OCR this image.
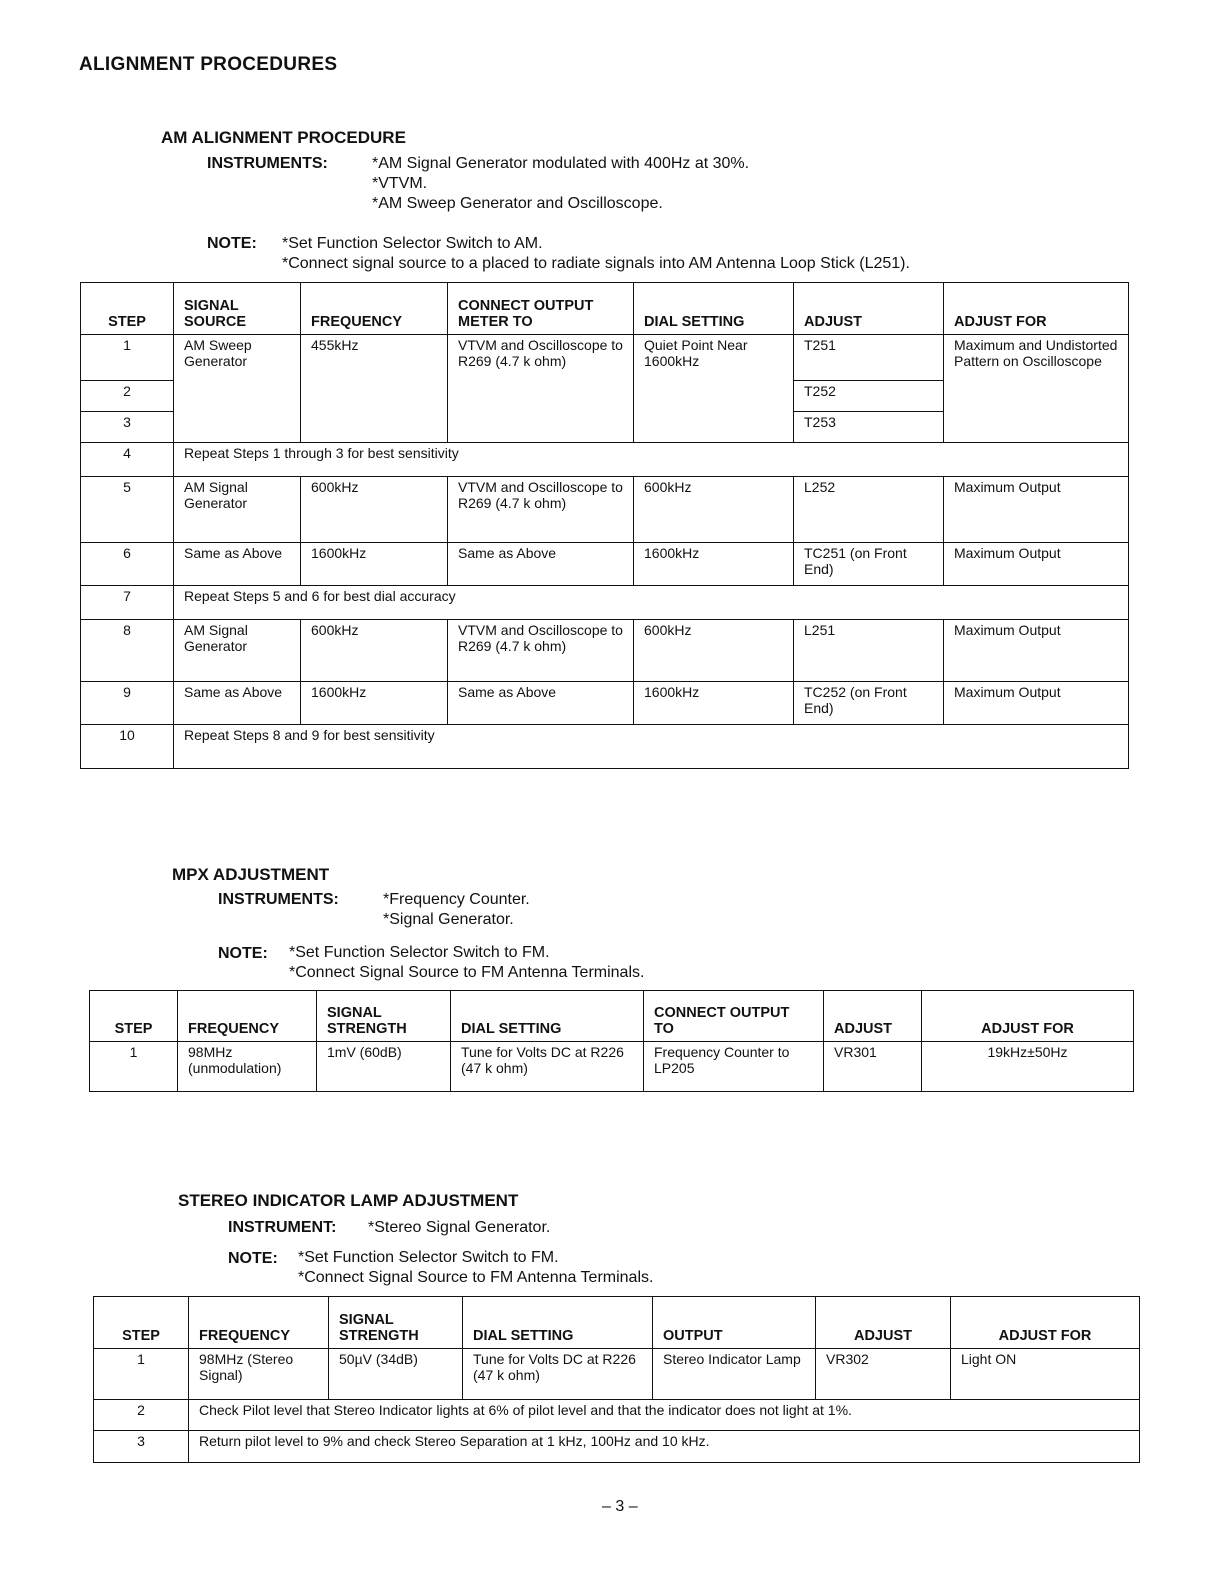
ALIGNMENT PROCEDURES
AM ALIGNMENT PROCEDURE
INSTRUMENTS:	*AM Signal Generator modulated with 400Hz at 30%.
*VTVM.
*AM Sweep Generator and Oscilloscope.
NOTE: *Set Function Selector Switch to AM.
*Connect signal source to a placed to radiate signals into AM Antenna Loop Stick (L251).
STEP	SIGNAL SOURCE	FREQUENCY	CONNECT OUTPUT METER TO	DIAL SETTING	ADJUST	ADJUST FOR
1	AM Sweep Generator	455kHz	VTVM and Oscilloscope to R269 (4.7 k ohm)	Quiet Point Near 1600kHz	T251	Maximum and Undistorted Pattern on Oscilloscope
2					T252	
3					T253	
4	Repeat Steps 1 through 3 for best sensitivity					
5	AM Signal Generator	600kHz	VTVM and Oscilloscope to R269 (4.7 k ohm)	600kHz	L252	Maximum Output
6	Same as Above	1600kHz	Same as Above	1600kHz	TC251 (on Front End)	Maximum Output
7	Repeat Steps 5 and 6 for best dial accuracy					
8	AM Signal Generator	600kHz	VTVM and Oscilloscope to R269 (4.7 k ohm)	600kHz	L251	Maximum Output
9	Same as Above	1600kHz	Same as Above	1600kHz	TC252 (on Front End)	Maximum Output
10	Repeat Steps 8 and 9 for best sensitivity					
MPX ADJUSTMENT
INSTRUMENTS:	*Frequency Counter.
*Signal Generator.
NOTE: *Set Function Selector Switch to FM.
*Connect Signal Source to FM Antenna Terminals.
STEP	FREQUENCY	SIGNAL STRENGTH	DIAL SETTING	CONNECT OUTPUT TO	ADJUST	ADJUST FOR
1	98MHz (unmodulation)	1mV (60dB)	Tune for Volts DC at R226 (47 k ohm)	Frequency Counter to LP205	VR301	19kHz±50Hz
STEREO INDICATOR LAMP ADJUSTMENT
INSTRUMENT: *Stereo Signal Generator.
NOTE: *Set Function Selector Switch to FM.
*Connect Signal Source to FM Antenna Terminals.
STEP	FREQUENCY	SIGNAL STRENGTH	DIAL SETTING	OUTPUT	ADJUST	ADJUST FOR
1	98MHz (Stereo Signal)	50µV (34dB)	Tune for Volts DC at R226 (47 k ohm)	Stereo Indicator Lamp	VR302	Light ON
2	Check Pilot level that Stereo Indicator lights at 6% of pilot level and that the indicator does not light at 1%.					
3	Return pilot level to 9% and check Stereo Separation at 1 kHz, 100Hz and 10 kHz.					
– 3 –
